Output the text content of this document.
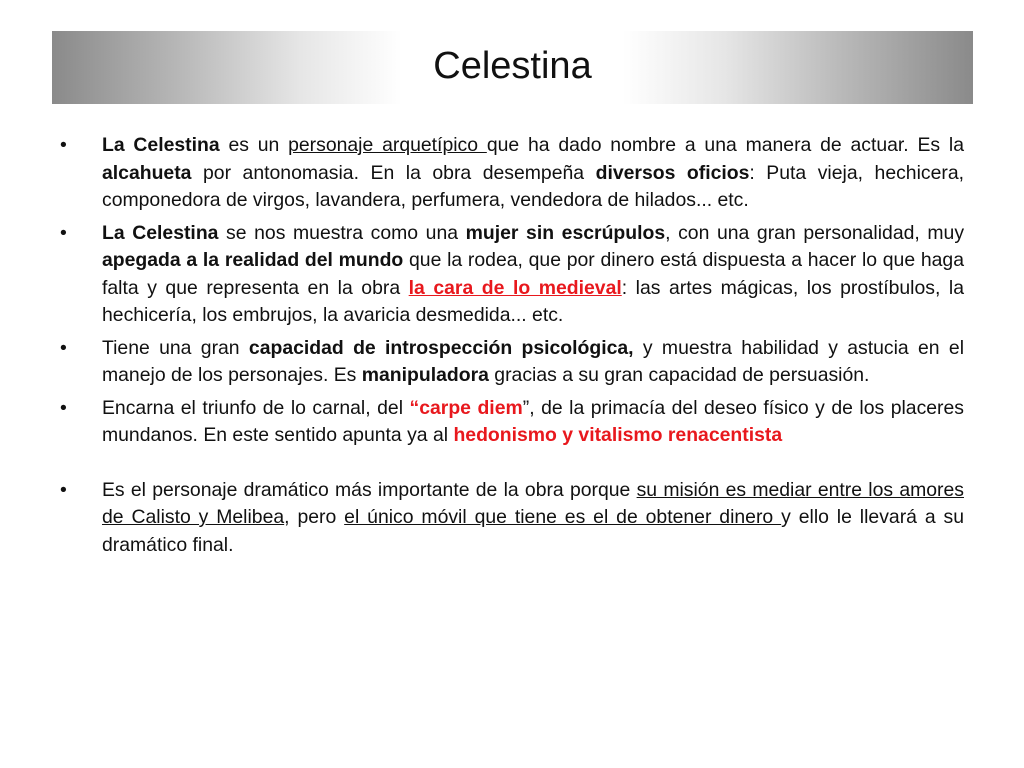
Celestina
• La Celestina es un personaje arquetípico que ha dado nombre a una manera de actuar. Es la alcahueta por antonomasia. En la obra desempeña diversos oficios: Puta vieja, hechicera, componedora de virgos, lavandera, perfumera, vendedora de hilados... etc.
• La Celestina se nos muestra como una mujer sin escrúpulos, con una gran personalidad, muy apegada a la realidad del mundo que la rodea, que por dinero está dispuesta a hacer lo que haga falta y que representa en la obra la cara de lo medieval: las artes mágicas, los prostíbulos, la hechicería, los embrujos, la avaricia desmedida... etc.
• Tiene una gran capacidad de introspección psicológica, y muestra habilidad y astucia en el manejo de los personajes. Es manipuladora gracias a su gran capacidad de persuasión.
• Encarna el triunfo de lo carnal, del “carpe diem”, de la primacía del deseo físico y de los placeres mundanos. En este sentido apunta ya al hedonismo y vitalismo renacentista
• Es el personaje dramático más importante de la obra porque su misión es mediar entre los amores de Calisto y Melibea, pero el único móvil que tiene es el de obtener dinero y ello le llevará a su dramático final.
